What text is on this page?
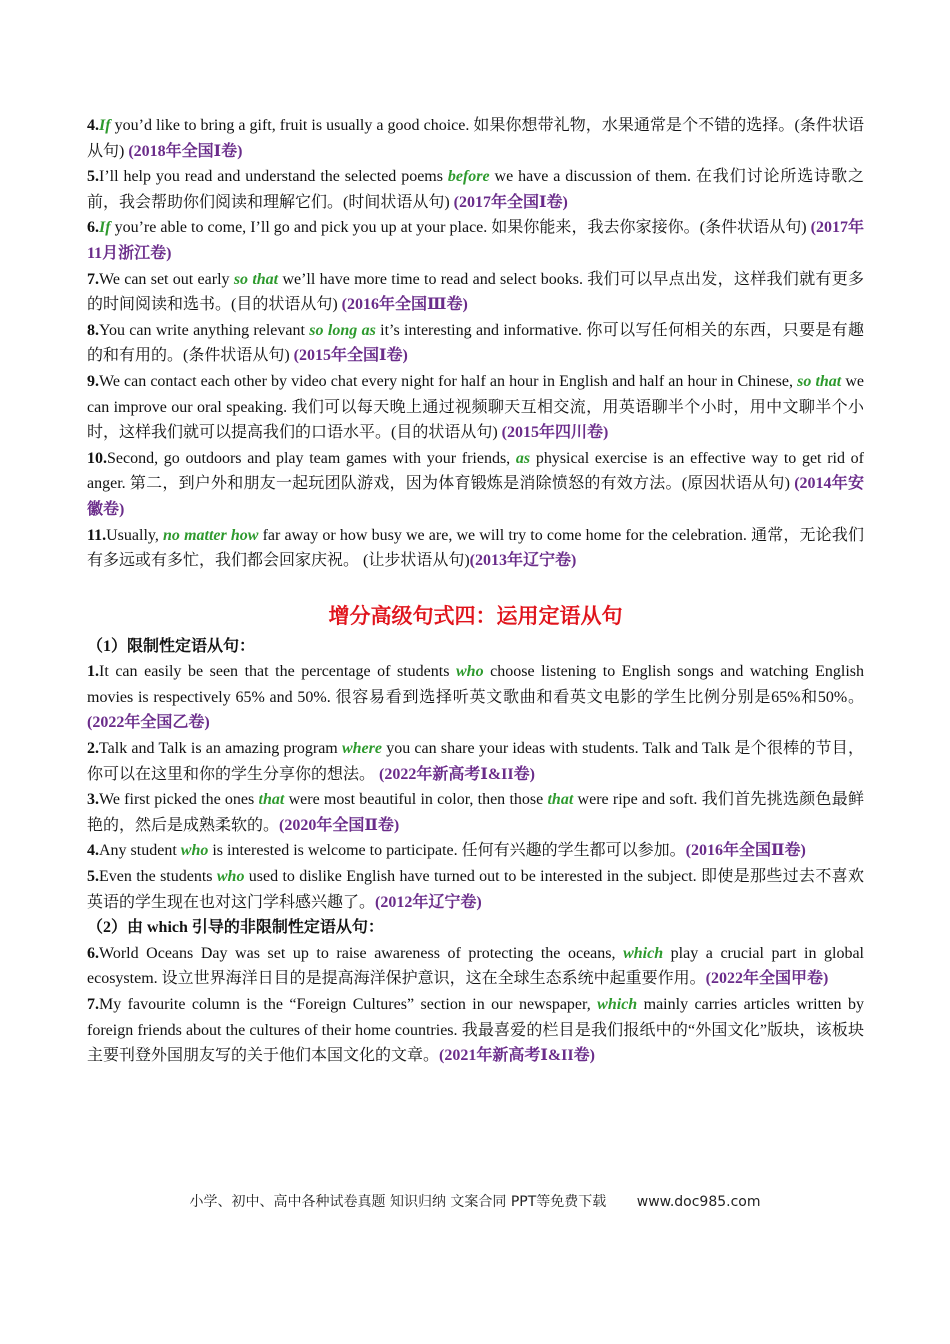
4.If you’d like to bring a gift, fruit is usually a good choice. 如果你想带礼物，水果通常是个不错的选择。(条件状语从句) (2018年全国Ⅰ卷)

5.I’ll help you read and understand the selected poems before we have a discussion of them. 在我们讨论所选诗歌之前，我会帮助你们阅读和理解它们。(时间状语从句) (2017年全国Ⅰ卷)

6.If you’re able to come, I’ll go and pick you up at your place. 如果你能来，我去你家接你。(条件状语从句) (2017年11月浙江卷)

7.We can set out early so that we’ll have more time to read and select books. 我们可以早点出发，这样我们就有更多的时间阅读和选书。(目的状语从句) (2016年全国Ⅲ卷)

8.You can write anything relevant so long as it’s interesting and informative. 你可以写任何相关的东西，只要是有趣的和有用的。(条件状语从句) (2015年全国Ⅰ卷)

9.We can contact each other by video chat every night for half an hour in English and half an hour in Chinese, so that we can improve our oral speaking. 我们可以每天晚上通过视频聊天互相交流，用英语聊半个小时，用中文聊半个小时，这样我们就可以提高我们的口语水平。(目的状语从句) (2015年四川卷)

10.Second, go outdoors and play team games with your friends, as physical exercise is an effective way to get rid of anger. 第二，到户外和朋友一起玩团队游戏，因为体育锻炼是消除愤怒的有效方法。(原因状语从句) (2014年安徽卷)

11.Usually, no matter how far away or how busy we are, we will try to come home for the celebration. 通常，无论我们有多远或有多忙，我们都会回家庆祝。 (让步状语从句)(2013年辽宁卷)

增分高级句式四：运用定语从句

（1）限制性定语从句：

1.It can easily be seen that the percentage of students who choose listening to English songs and watching English movies is respectively 65% and 50%. 很容易看到选择听英文歌曲和看英文电影的学生比例分别是65%和50%。 (2022年全国乙卷)

2.Talk and Talk is an amazing program where you can share your ideas with students. Talk and Talk 是个很棒的节目，你可以在这里和你的学生分享你的想法。 (2022年新高考Ⅰ&II卷)

3.We first picked the ones that were most beautiful in color, then those that were ripe and soft. 我们首先挑选颜色最鲜艳的，然后是成熟柔软的。(2020年全国Ⅱ卷)

4.Any student who is interested is welcome to participate. 任何有兴趣的学生都可以参加。(2016年全国Ⅱ卷)

5.Even the students who used to dislike English have turned out to be interested in the subject. 即使是那些过去不喜欢英语的学生现在也对这门学科感兴趣了。(2012年辽宁卷)

（2）由 which 引导的非限制性定语从句：

6.World Oceans Day was set up to raise awareness of protecting the oceans, which play a crucial part in global ecosystem. 设立世界海洋日目的是提高海洋保护意识，这在全球生态系统中起重要作用。(2022年全国甲卷)

7.My favourite column is the “Foreign Cultures” section in our newspaper, which mainly carries articles written by foreign friends about the cultures of their home countries. 我最喜爱的栏目是我们报纸中的“外国文化”版块，该板块主要刊登外国朋友写的关于他们本国文化的文章。(2021年新高考Ⅰ&II卷)

小学、初中、高中各种试卷真题 知识归纳 文案合同 PPT等免费下载 www.doc985.com
